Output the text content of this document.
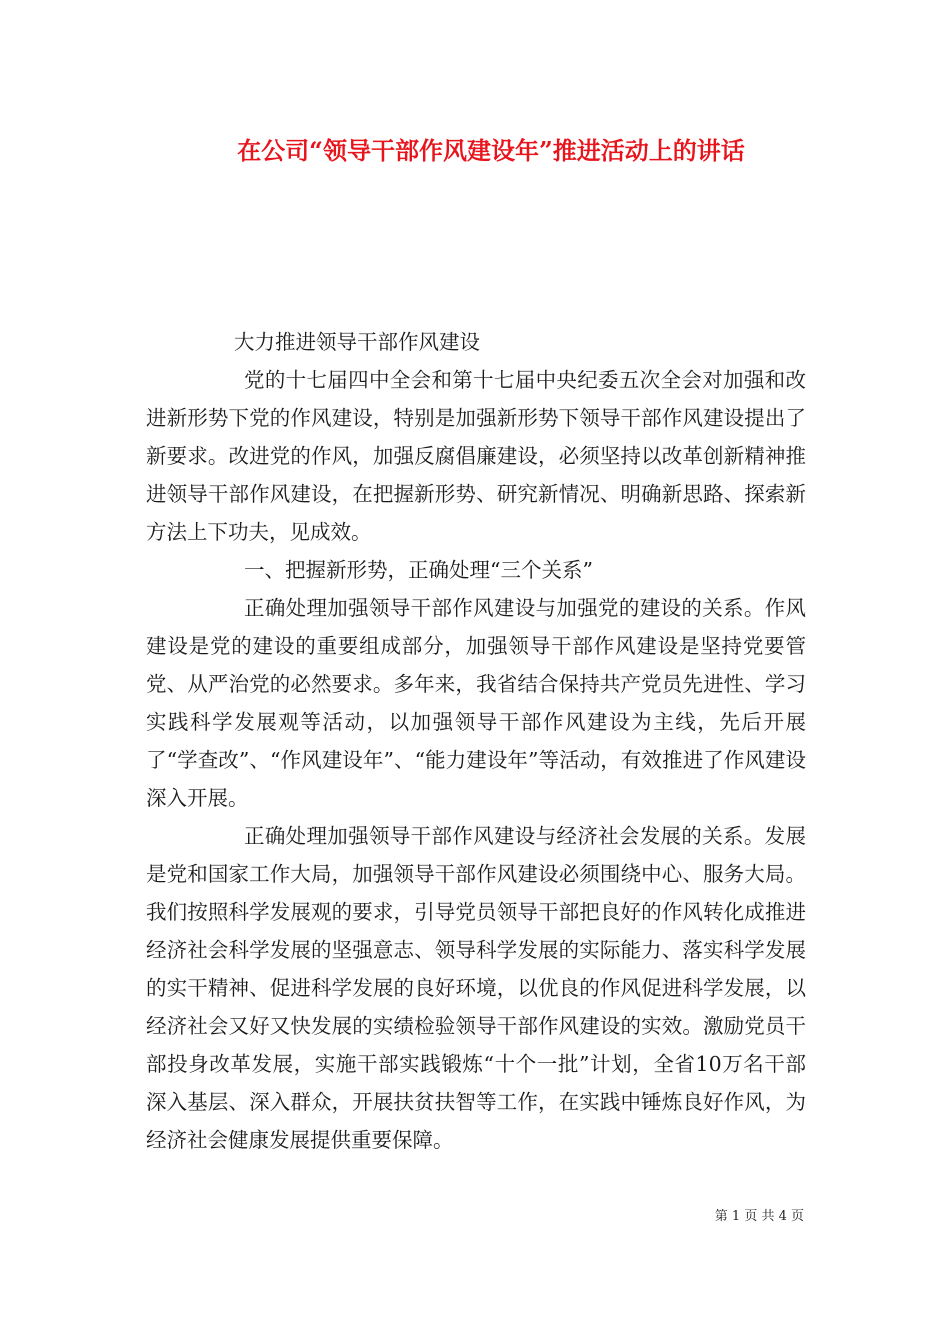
在公司“领导干部作风建设年”推进活动上的讲话

大力推进领导干部作风建设

党的十七届四中全会和第十七届中央纪委五次全会对加强和改进新形势下党的作风建设，特别是加强新形势下领导干部作风建设提出了新要求。改进党的作风，加强反腐倡廉建设，必须坚持以改革创新精神推进领导干部作风建设，在把握新形势、研究新情况、明确新思路、探索新方法上下功夫，见成效。

一、把握新形势，正确处理“三个关系”

正确处理加强领导干部作风建设与加强党的建设的关系。作风建设是党的建设的重要组成部分，加强领导干部作风建设是坚持党要管党、从严治党的必然要求。多年来，我省结合保持共产党员先进性、学习实践科学发展观等活动，以加强领导干部作风建设为主线，先后开展了“学查改”、“作风建设年”、“能力建设年”等活动，有效推进了作风建设深入开展。

正确处理加强领导干部作风建设与经济社会发展的关系。发展是党和国家工作大局，加强领导干部作风建设必须围绕中心、服务大局。我们按照科学发展观的要求，引导党员领导干部把良好的作风转化成推进经济社会科学发展的坚强意志、领导科学发展的实际能力、落实科学发展的实干精神、促进科学发展的良好环境，以优良的作风促进科学发展，以经济社会又好又快发展的实绩检验领导干部作风建设的实效。激励党员干部投身改革发展，实施干部实践锻炼“十个一批”计划，全省10万名干部深入基层、深入群众，开展扶贫扶智等工作，在实践中锤炼良好作风，为经济社会健康发展提供重要保障。

第 1 页 共 4 页
